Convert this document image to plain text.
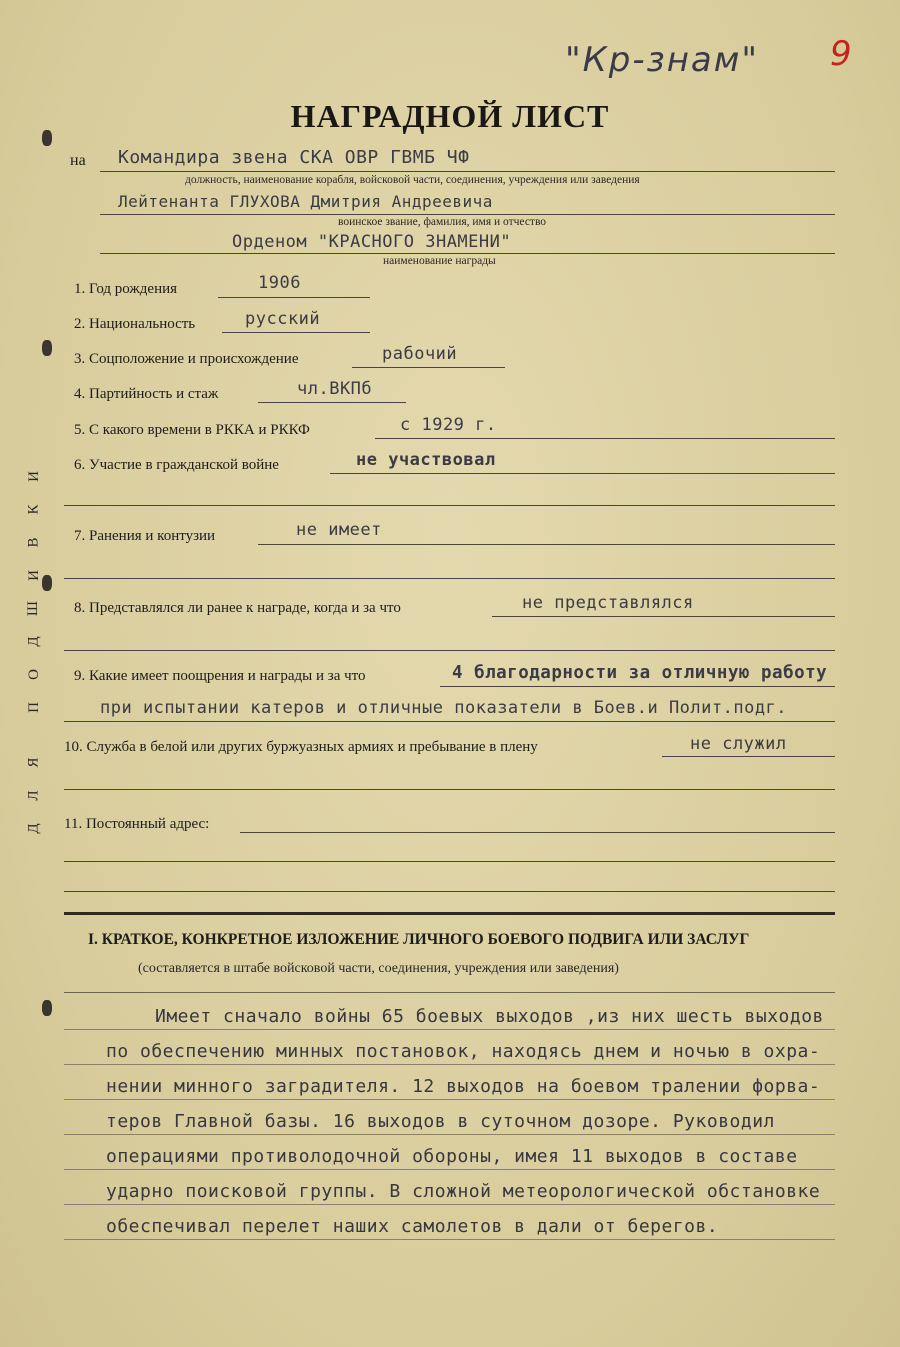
И
К
В
И
Ш
Д
О
П

Я
Л
Д
"Кр-знам" 9
НАГРАДНОЙ ЛИСТ
на Командира звена СКА ОВР ГВМБ ЧФ
должность, наименование корабля, войсковой части, соединения, учреждения или заведения
Лейтенанта ГЛУХОВА Дмитрия Андреевича
воинское звание, фамилия, имя и отчество
Орденом "КРАСНОГО ЗНАМЕНИ"
наименование награды
1. Год рождения	1906
2. Национальность	русский
3. Соцположение и происхождение	рабочий
4. Партийность и стаж	чл.ВКПб
5. С какого времени в РККА и РККФ	с 1929 г.
6. Участие в гражданской войне	не участвовал
7. Ранения и контузии	не имеет
8. Представлялся ли ранее к награде, когда и за что	не представлялся
9. Какие имеет поощрения и награды и за что	4 благодарности за отличную работу
при испытании катеров и отличные показатели в Боев.и Полит.подг.
10. Служба в белой или других буржуазных армиях и пребывание в плену	не служил
11. Постоянный адрес:
I. КРАТКОЕ, КОНКРЕТНОЕ ИЗЛОЖЕНИЕ ЛИЧНОГО БОЕВОГО ПОДВИГА ИЛИ ЗАСЛУГ
(составляется в штабе войсковой части, соединения, учреждения или заведения)
Имеет сначало войны 65 боевых выходов ,из них шесть выходов
по обеспечению минных постановок, находясь днем и ночью в охра-
нении минного заградителя. 12 выходов на боевом тралении форва-
теров Главной базы. 16 выходов в суточном дозоре. Руководил
операциями противолодочной обороны, имея 11 выходов в составе
ударно поисковой группы. В сложной метеорологической обстановке
обеспечивал перелет наших самолетов в дали от берегов.
